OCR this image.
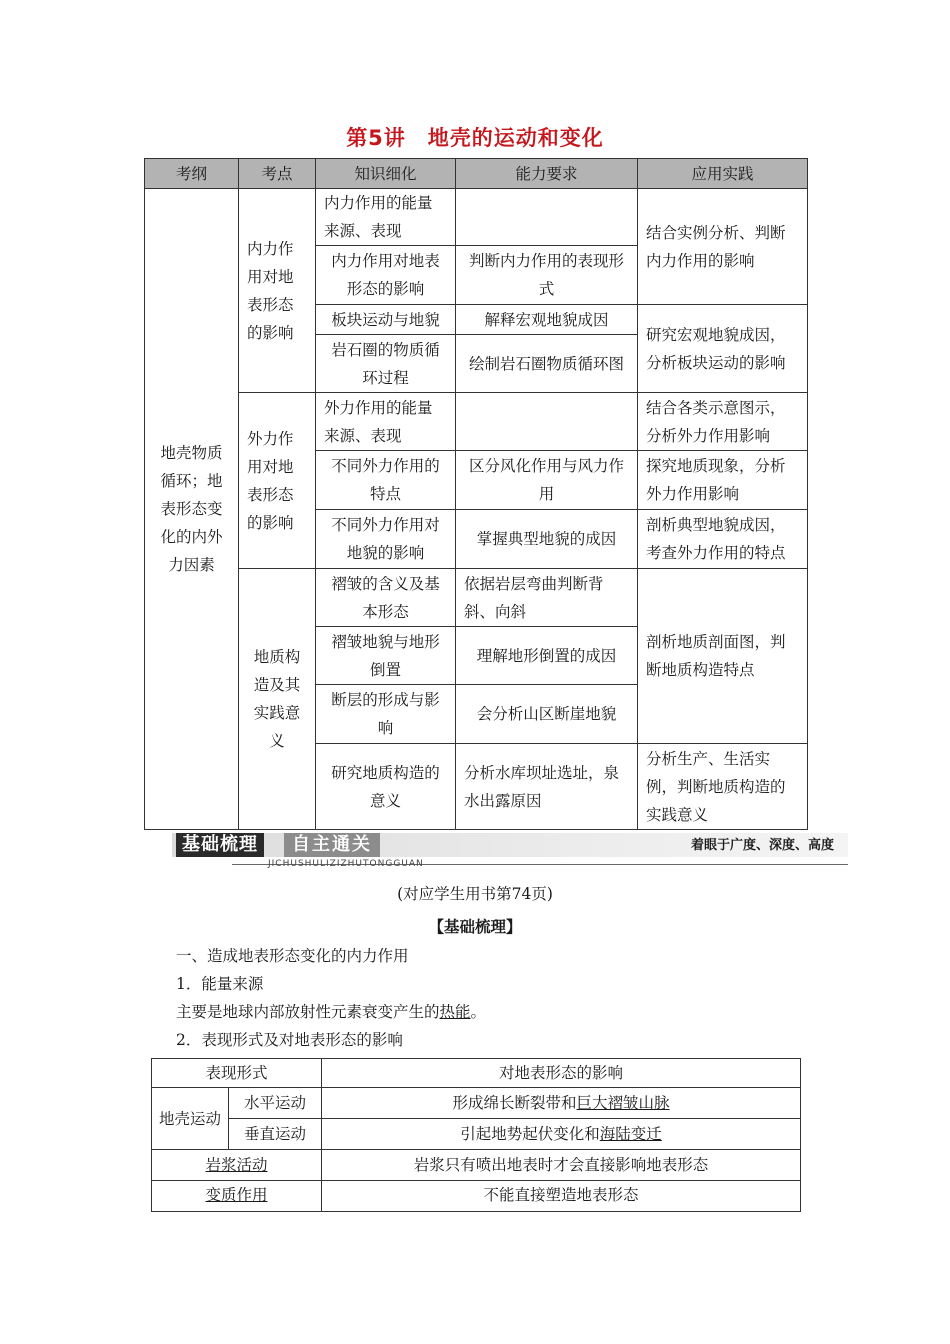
第5讲　地壳的运动和变化
考纲	考点	知识细化	能力要求	应用实践
地壳物质循环；地表形态变化的内外力因素	内力作用对地表形态的影响	内力作用的能量来源、表现		结合实例分析、判断内力作用的影响
		内力作用对地表形态的影响	判断内力作用的表现形式	
		板块运动与地貌	解释宏观地貌成因	研究宏观地貌成因，分析板块运动的影响
		岩石圈的物质循环过程	绘制岩石圈物质循环图	
	外力作用对地表形态的影响	外力作用的能量来源、表现		结合各类示意图示，分析外力作用影响
		不同外力作用的特点	区分风化作用与风力作用	探究地质现象，分析外力作用影响
		不同外力作用对地貌的影响	掌握典型地貌的成因	剖析典型地貌成因，考查外力作用的特点
	地质构造及其实践意义	褶皱的含义及基本形态	依据岩层弯曲判断背斜、向斜	剖析地质剖面图，判断地质构造特点
		褶皱地貌与地形倒置	理解地形倒置的成因	
		断层的形成与影响	会分析山区断崖地貌	
		研究地质构造的意义	分析水库坝址选址，泉水出露原因	分析生产、生活实例，判断地质构造的实践意义
基础梳理	自主通关	着眼于广度、深度、高度
JICHUSHULIZIZHUTONGGUAN
(对应学生用书第74页)
【基础梳理】
一、造成地表形态变化的内力作用
1．能量来源
主要是地球内部放射性元素衰变产生的热能。
2．表现形式及对地表形态的影响
表现形式		对地表形态的影响
地壳运动	水平运动	形成绵长断裂带和巨大褶皱山脉
	垂直运动	引起地势起伏变化和海陆变迁
岩浆活动		岩浆只有喷出地表时才会直接影响地表形态
变质作用		不能直接塑造地表形态
